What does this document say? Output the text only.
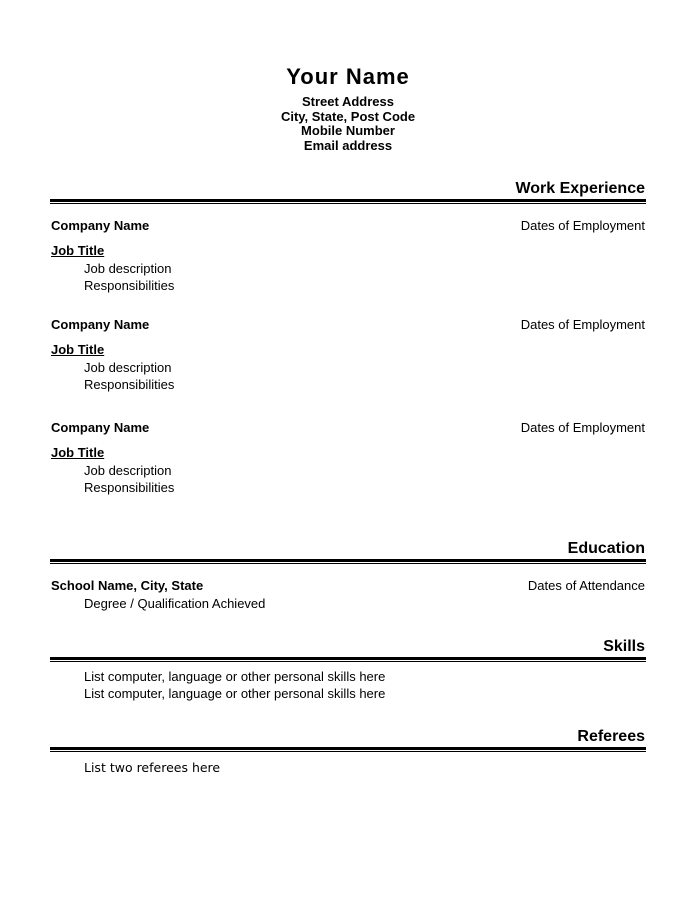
Your Name
Street Address
City, State, Post Code
Mobile Number
Email address
Work Experience
Company Name	Dates of Employment
Job Title
Job description
Responsibilities
Company Name	Dates of Employment
Job Title
Job description
Responsibilities
Company Name	Dates of Employment
Job Title
Job description
Responsibilities
Education
School Name, City, State	Dates of Attendance
Degree / Qualification Achieved
Skills
List computer, language or other personal skills here
List computer, language or other personal skills here
Referees
List two referees here
